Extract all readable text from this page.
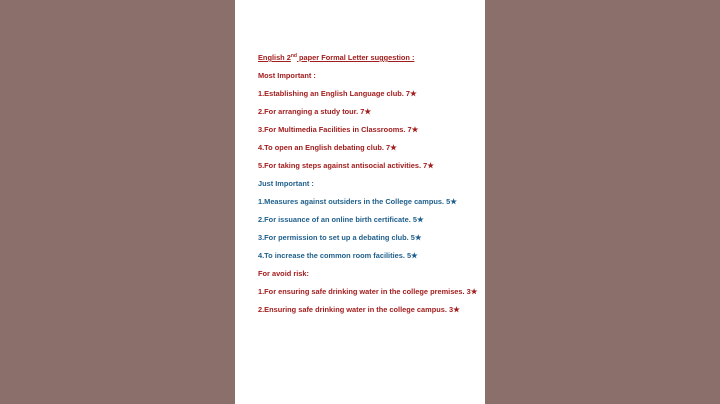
English 2nd paper Formal Letter suggestion :
Most Important :
1.Establishing an English Language club. 7★
2.For arranging a study tour. 7★
3.For Multimedia Facilities in Classrooms. 7★
4.To open an English debating club. 7★
5.For taking steps against antisocial activities. 7★
Just Important :
1.Measures against outsiders in the College campus. 5★
2.For issuance of an online birth certificate. 5★
3.For permission to set up a debating club. 5★
4.To increase the common room facilities. 5★
For avoid risk:
1.For ensuring safe drinking water in the college premises. 3★
2.Ensuring safe drinking water in the college campus. 3★
